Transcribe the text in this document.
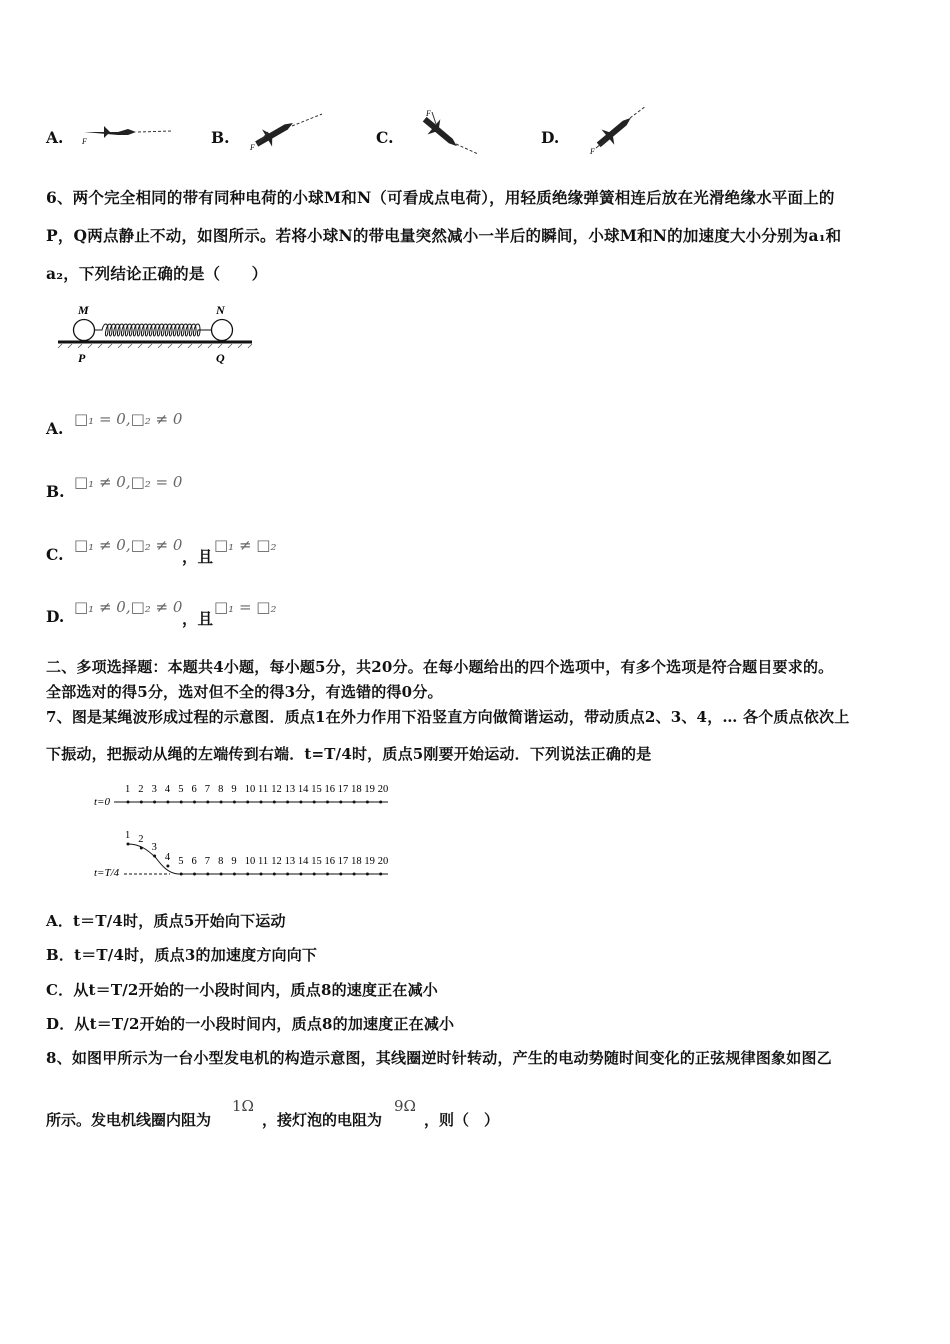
A. F	B.
F
C.
F
D.
F
6、两个完全相同的带有同种电荷的小球M和N（可看成点电荷），用轻质绝缘弹簧相连后放在光滑绝缘水平面上的
P，Q两点静止不动，如图所示。若将小球N的带电量突然减小一半后的瞬间，小球M和N的加速度大小分别为a₁和
a₂，下列结论正确的是（　　）
M	N
P	Q
A. □₁ = 0,□₂ ≠ 0
B. □₁ ≠ 0,□₂ = 0
C. □₁ ≠ 0,□₂ ≠ 0
，且
□₁ ≠ □₂
D. □₁ ≠ 0,□₂ ≠ 0
，且
□₁ = □₂
二、多项选择题：本题共4小题，每小题5分，共20分。在每小题给出的四个选项中，有多个选项是符合题目要求的。
全部选对的得5分，选对但不全的得3分，有选错的得0分。
7、图是某绳波形成过程的示意图．质点1在外力作用下沿竖直方向做简谐运动，带动质点2、3、4，… 各个质点依次上
下振动，把振动从绳的左端传到右端．t=T/4时，质点5刚要开始运动．下列说法正确的是
t=0
1 2 3 4 5 6 7 8 9 10 11 12 13 14 15 16 17 18 19 20
t=T/4
1 2
3
4 5 6 7 8 9 10 11 12 13 14 15 16 17 18 19 20
A．t＝T/4时，质点5开始向下运动
B．t＝T/4时，质点3的加速度方向向下
C．从t＝T/2开始的一小段时间内，质点8的速度正在减小
D．从t＝T/2开始的一小段时间内，质点8的加速度正在减小
8、如图甲所示为一台小型发电机的构造示意图，其线圈逆时针转动，产生的电动势随时间变化的正弦规律图象如图乙
所示。发电机线圈内阻为
1Ω
，接灯泡的电阻为
9Ω
，则（　）
